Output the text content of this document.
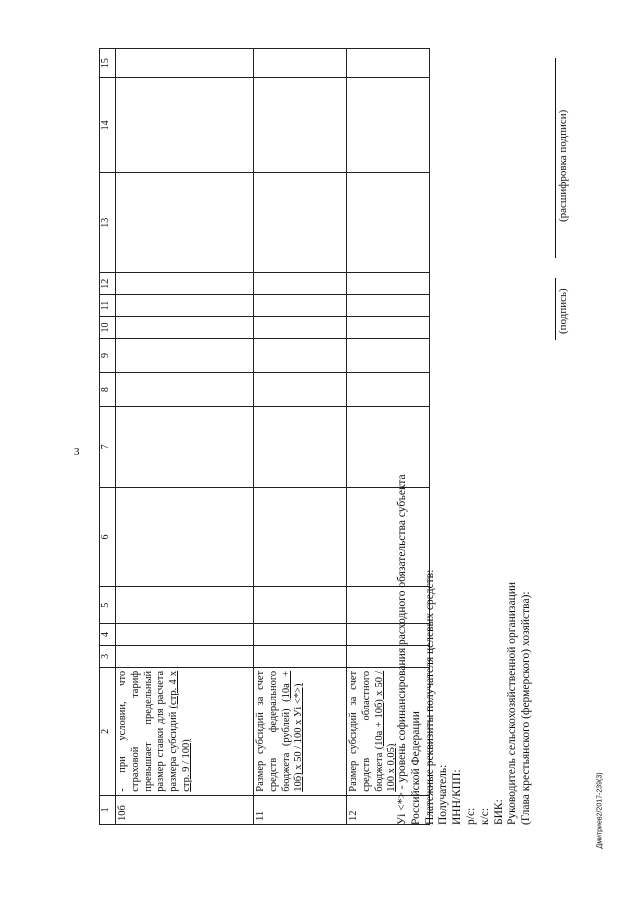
3
Дмитриев2/2017-239(3)
1	2	3	4	5	6	7	8	9	10	11	12	13	14	15
10б	- при условии, что страховой тариф превышает предельный размер ставки для расчета размера субсидий (стр. 4 х стр. 9 / 100)													
11	Размер субсидий за счет средств федерального бюджета (рублей) (10а + 10б) х 50 / 100 х Уi <*>)													
12	Размер субсидий за счет средств областного бюджета (10а + 10б) х 50 / 100 х 0,05)													
Уi <*> - уровень софинансирования расходного обязательства субъекта Российской Федерации Платежные реквизиты получателя целевых средств: Получатель: ИНН/КПП: р/с: к/с: БИК: Руководитель сельскохозяйственной организации (Глава крестьянского (фермерского) хозяйства):
(подпись)
(расшифровка подписи)
